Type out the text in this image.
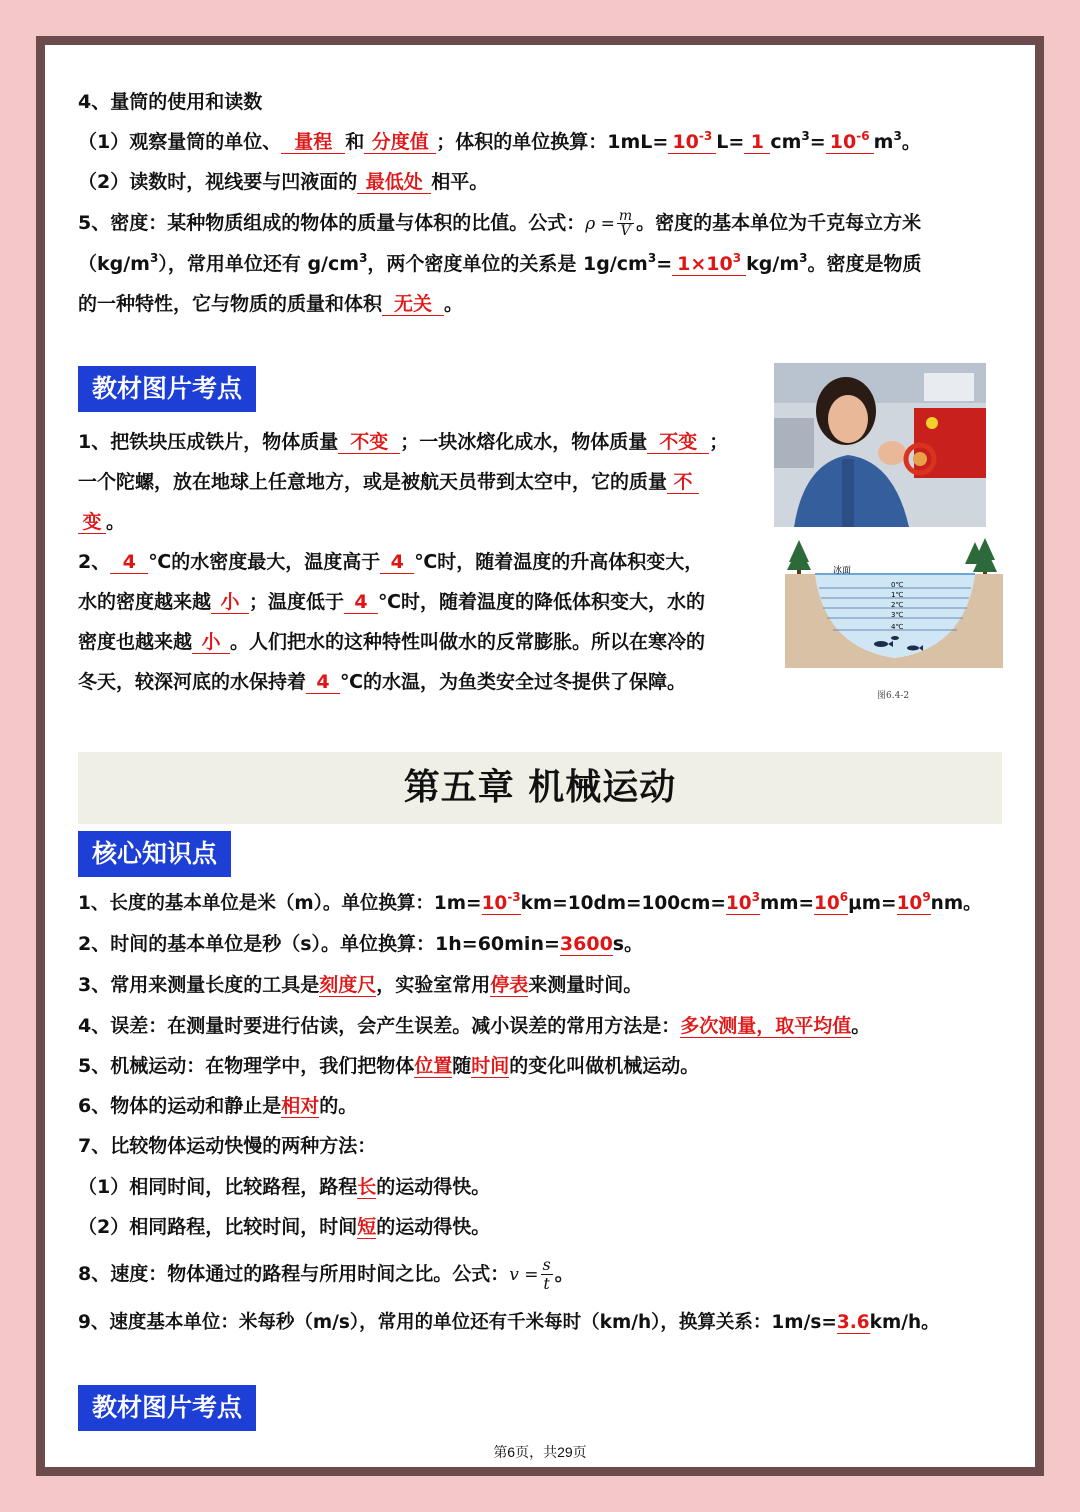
4、量筒的使用和读数
（1）观察量筒的单位、 量程 和 分度值 ；体积的单位换算：$1mL= 10^{-3}$ L= 1 $cm^3= 10^{-6}$ $m^3$。
（2）读数时，视线要与凹液面的 最低处 相平。
5、密度：某种物质组成的物体的质量与体积的比值。公式：$\rho = \frac{m}{V}$ 。密度的基本单位为千克每立方米
$(kg/m^3)$，常用单位还有 $g/cm^3$，两个密度单位的关系是 $1g/cm^3= 1\times 10^3$ $kg/m^3$。密度是物质
的一种特性，它与物质的质量和体积 无关 。
教材图片考点
1、把铁块压成铁片，物体质量 不变 ；一块冰熔化成水，物体质量 不变 ；
一个陀螺，放在地球上任意地方，或是被航天员带到太空中，它的质量 不
变 。
2、 4 ℃的水密度最大，温度高于 4 ℃时，随着温度的升高体积变大，
水的密度越来越 小 ；温度低于 4 ℃时，随着温度的降低体积变大，水的
密度也越来越 小 。人们把水的这种特性叫做水的反常膨胀。所以在寒冷的
冬天，较深河底的水保持着 4 ℃的水温，为鱼类安全过冬提供了保障。
冰面
0℃
1℃
2℃
3℃
4℃
图6.4-2
第五章 机械运动
核心知识点
1、长度的基本单位是米（m）。单位换算：$1m=10^{-3}km=10dm=100cm=10^3mm=10^6\mu m=10^9nm$。
2、时间的基本单位是秒（s）。单位换算：1h=60min=3600s。
3、常用来测量长度的工具是刻度尺，实验室常用停表来测量时间。
4、误差：在测量时要进行估读，会产生误差。减小误差的常用方法是：多次测量，取平均值。
5、机械运动：在物理学中，我们把物体位置随时间的变化叫做机械运动。
6、物体的运动和静止是相对的。
7、比较物体运动快慢的两种方法：
（1）相同时间，比较路程，路程长的运动得快。
（2）相同路程，比较时间，时间短的运动得快。
8、速度：物体通过的路程与所用时间之比。公式：$v = \frac{s}{t}$ 。
9、速度基本单位：米每秒（m/s），常用的单位还有千米每时（km/h），换算关系：1m/s=3.6km/h。
教材图片考点
第6页，共29页
